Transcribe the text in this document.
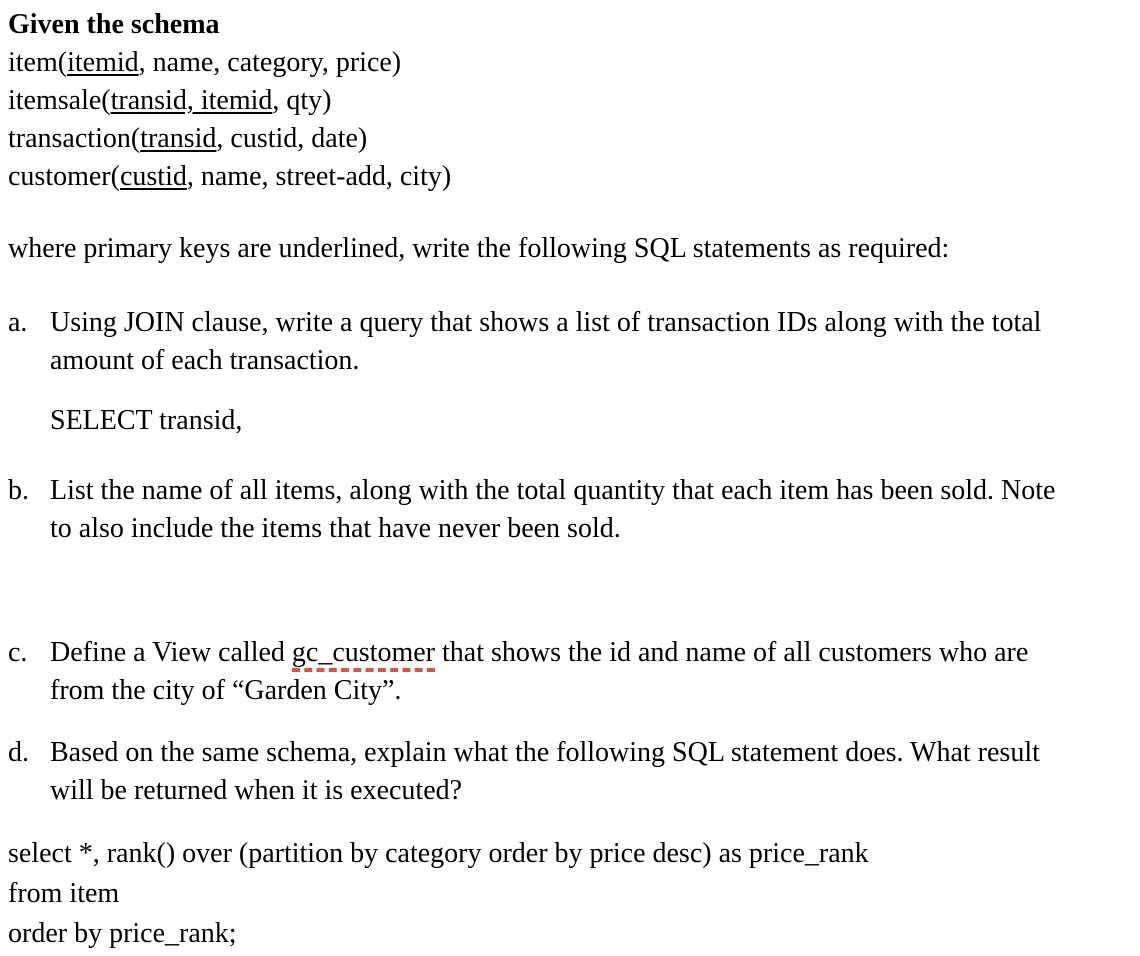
Given the schema
item(itemid, name, category, price)
itemsale(transid, itemid, qty)
transaction(transid, custid, date)
customer(custid, name, street-add, city)
where primary keys are underlined, write the following SQL statements as required:
a. Using JOIN clause, write a query that shows a list of transaction IDs along with the total
amount of each transaction.
SELECT transid,
b. List the name of all items, along with the total quantity that each item has been sold. Note
to also include the items that have never been sold.
c. Define a View called gc_customer that shows the id and name of all customers who are
from the city of “Garden City”.
d. Based on the same schema, explain what the following SQL statement does. What result
will be returned when it is executed?
select *, rank() over (partition by category order by price desc) as price_rank
from item
order by price_rank;
